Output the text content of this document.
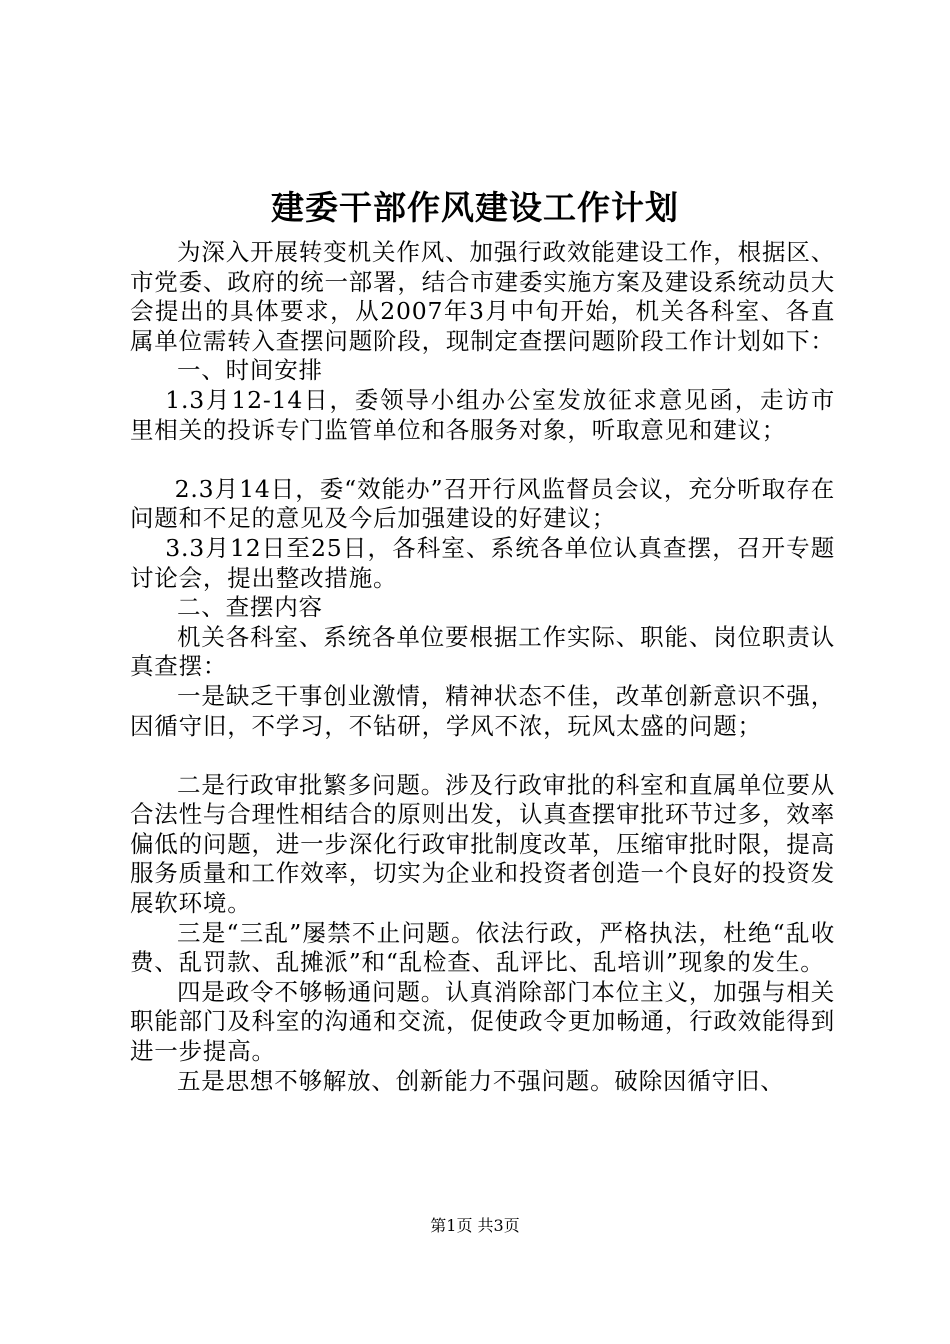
建委干部作风建设工作计划

为深入开展转变机关作风、加强行政效能建设工作，根据区、市党委、政府的统一部署，结合市建委实施方案及建设系统动员大会提出的具体要求，从2007年3月中旬开始，机关各科室、各直属单位需转入查摆问题阶段，现制定查摆问题阶段工作计划如下：

一、时间安排

1.3月12-14日，委领导小组办公室发放征求意见函，走访市里相关的投诉专门监管单位和各服务对象，听取意见和建议；

2.3月14日，委“效能办”召开行风监督员会议，充分听取存在问题和不足的意见及今后加强建设的好建议；

3.3月12日至25日，各科室、系统各单位认真查摆，召开专题讨论会，提出整改措施。

二、查摆内容

机关各科室、系统各单位要根据工作实际、职能、岗位职责认真查摆：

一是缺乏干事创业激情，精神状态不佳，改革创新意识不强，因循守旧，不学习，不钻研，学风不浓，玩风太盛的问题；

二是行政审批繁多问题。涉及行政审批的科室和直属单位要从合法性与合理性相结合的原则出发，认真查摆审批环节过多，效率偏低的问题，进一步深化行政审批制度改革，压缩审批时限，提高服务质量和工作效率，切实为企业和投资者创造一个良好的投资发展软环境。

三是“三乱”屡禁不止问题。依法行政，严格执法，杜绝“乱收费、乱罚款、乱摊派”和“乱检查、乱评比、乱培训”现象的发生。

四是政令不够畅通问题。认真消除部门本位主义，加强与相关职能部门及科室的沟通和交流，促使政令更加畅通，行政效能得到进一步提高。

五是思想不够解放、创新能力不强问题。破除因循守旧、

第1页 共3页
